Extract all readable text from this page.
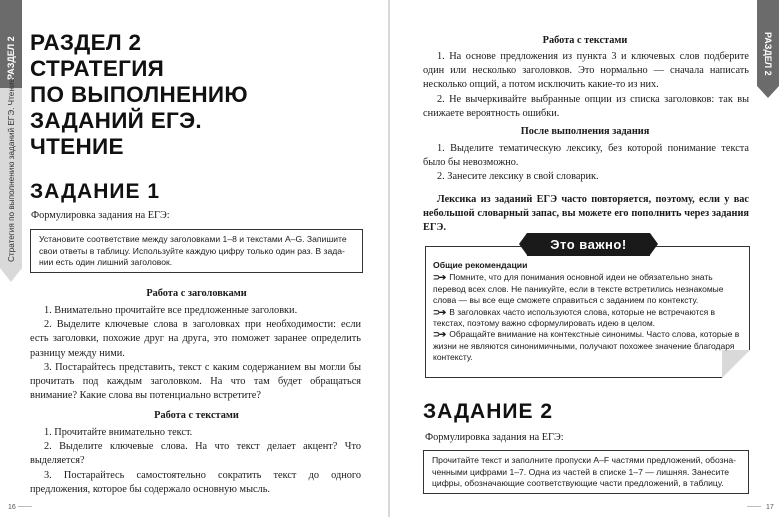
РАЗДЕЛ 2
Стратегия по выполнению заданий ЕГЭ. Чтение
РАЗДЕЛ 2
СТРАТЕГИЯ
ПО ВЫПОЛНЕНИЮ
ЗАДАНИЙ ЕГЭ.
ЧТЕНИЕ
ЗАДАНИЕ 1
Формулировка задания на ЕГЭ:
Установите соответствие между заголовками 1–8 и текстами A–G. Запишите
свои ответы в таблицу. Используйте каждую цифру только один раз. В зада-
нии есть один лишний заголовок.
Работа с заголовками

1. Внимательно прочитайте все предложенные заголовки.

2. Выделите ключевые слова в заголовках при необходимости: если есть заголовки, похожие друг на друга, это поможет заранее определить разницу между ними.

3. Постарайтесь представить, текст с каким содержанием вы могли бы прочитать под каждым заголовком. На что там будет обращаться внимание? Какие слова вы потенциально встретите?

Работа с текстами

1. Прочитайте внимательно текст.

2. Выделите ключевые слова. На что текст делает акцент? Что выделяется?

3. Постарайтесь самостоятельно сократить текст до одного предложения, которое бы содержало основную мысль.

16
Работа с текстами

1. На основе предложения из пункта 3 и ключевых слов подберите один или несколько заголовков. Это нормально — сначала написать несколько опций, а потом исключить какие-то из них.

2. Не вычеркивайте выбранные опции из списка заголовков: так вы снижаете вероятность ошибки.

После выполнения задания

1. Выделите тематическую лексику, без которой понимание текста было бы невозможно.

2. Занесите лексику в свой словарик.

Лексика из заданий ЕГЭ часто повторяется, поэтому, если у вас небольшой словарный запас, вы можете его пополнить через задания ЕГЭ.

ЗАДАНИЕ 2
Формулировка задания на ЕГЭ:
Прочитайте текст и заполните пропуски A–F частями предложений, обозна-
ченными цифрами 1–7. Одна из частей в списке 1–7 — лишняя. Занесите
цифры, обозначающие соответствующие части предложений, в таблицу.
17
Это важно!
Общие рекомендации
⊃➔ Помните, что для понимания основной идеи не обязательно знать перевод всех слов. Не паникуйте, если в тексте встретились незнакомые слова — вы все еще сможете справиться с заданием по контексту.
⊃➔ В заголовках часто используются слова, которые не встречаются в текстах, поэтому важно сформулировать идею в целом.
⊃➔ Обращайте внимание на контекстные синонимы. Часто слова, которые в жизни не являются синонимичными, получают похожее значение благодаря контексту.
